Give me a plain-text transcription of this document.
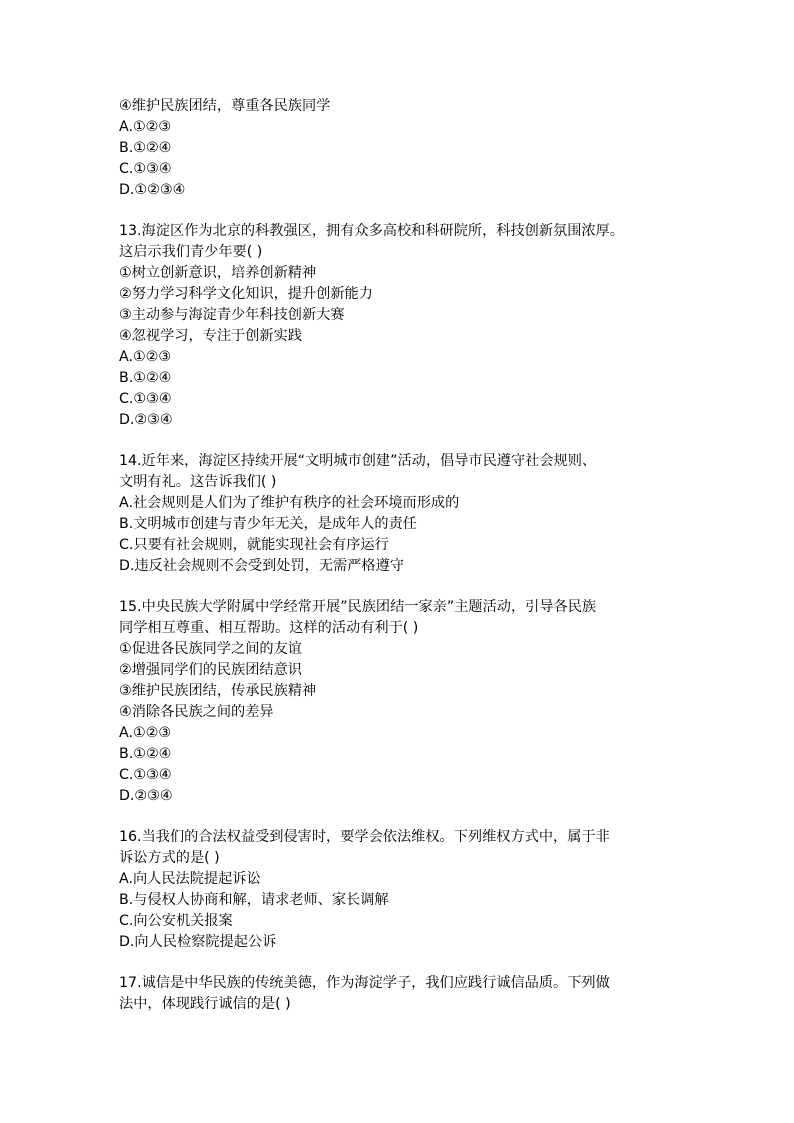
④维护民族团结，尊重各民族同学
A.①②③
B.①②④
C.①③④
D.①②③④
13.海淀区作为北京的科教强区，拥有众多高校和科研院所，科技创新氛围浓厚。
这启示我们青少年要( )
①树立创新意识，培养创新精神
②努力学习科学文化知识，提升创新能力
③主动参与海淀青少年科技创新大赛
④忽视学习，专注于创新实践
A.①②③
B.①②④
C.①③④
D.②③④
14.近年来，海淀区持续开展“文明城市创建”活动，倡导市民遵守社会规则、
文明有礼。这告诉我们( )
A.社会规则是人们为了维护有秩序的社会环境而形成的
B.文明城市创建与青少年无关，是成年人的责任
C.只要有社会规则，就能实现社会有序运行
D.违反社会规则不会受到处罚，无需严格遵守
15.中央民族大学附属中学经常开展”民族团结一家亲”主题活动，引导各民族
同学相互尊重、相互帮助。这样的活动有利于( )
①促进各民族同学之间的友谊
②增强同学们的民族团结意识
③维护民族团结，传承民族精神
④消除各民族之间的差异
A.①②③
B.①②④
C.①③④
D.②③④
16.当我们的合法权益受到侵害时，要学会依法维权。下列维权方式中，属于非
诉讼方式的是( )
A.向人民法院提起诉讼
B.与侵权人协商和解，请求老师、家长调解
C.向公安机关报案
D.向人民检察院提起公诉
17.诚信是中华民族的传统美德，作为海淀学子，我们应践行诚信品质。下列做
法中，体现践行诚信的是( )
